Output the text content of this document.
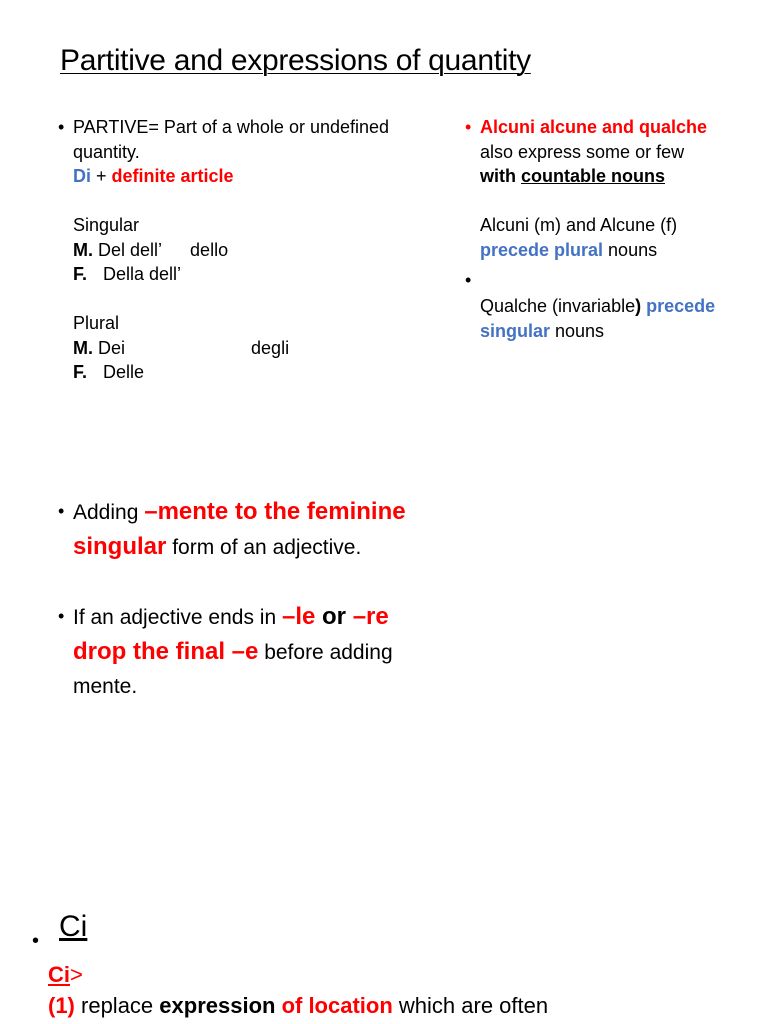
Partitive and expressions of quantity
• PARTIVE= Part of a whole or undefined
quantity.
Di + definite article
Singular
M. Del dell’ dello
F. Della dell’
Plural
M. Dei	degli
F. Delle
• Alcuni alcune and qualche
also express some or few
with countable nouns
Alcuni (m) and Alcune (f)
precede plural nouns
•
Qualche (invariable) precede
singular nouns
• Adding –mente to the feminine
singular form of an adjective.
• If an adjective ends in –le or –re
drop the final –e before adding
mente.
• Ci
Ci>
(1) replace expression of location which are often
